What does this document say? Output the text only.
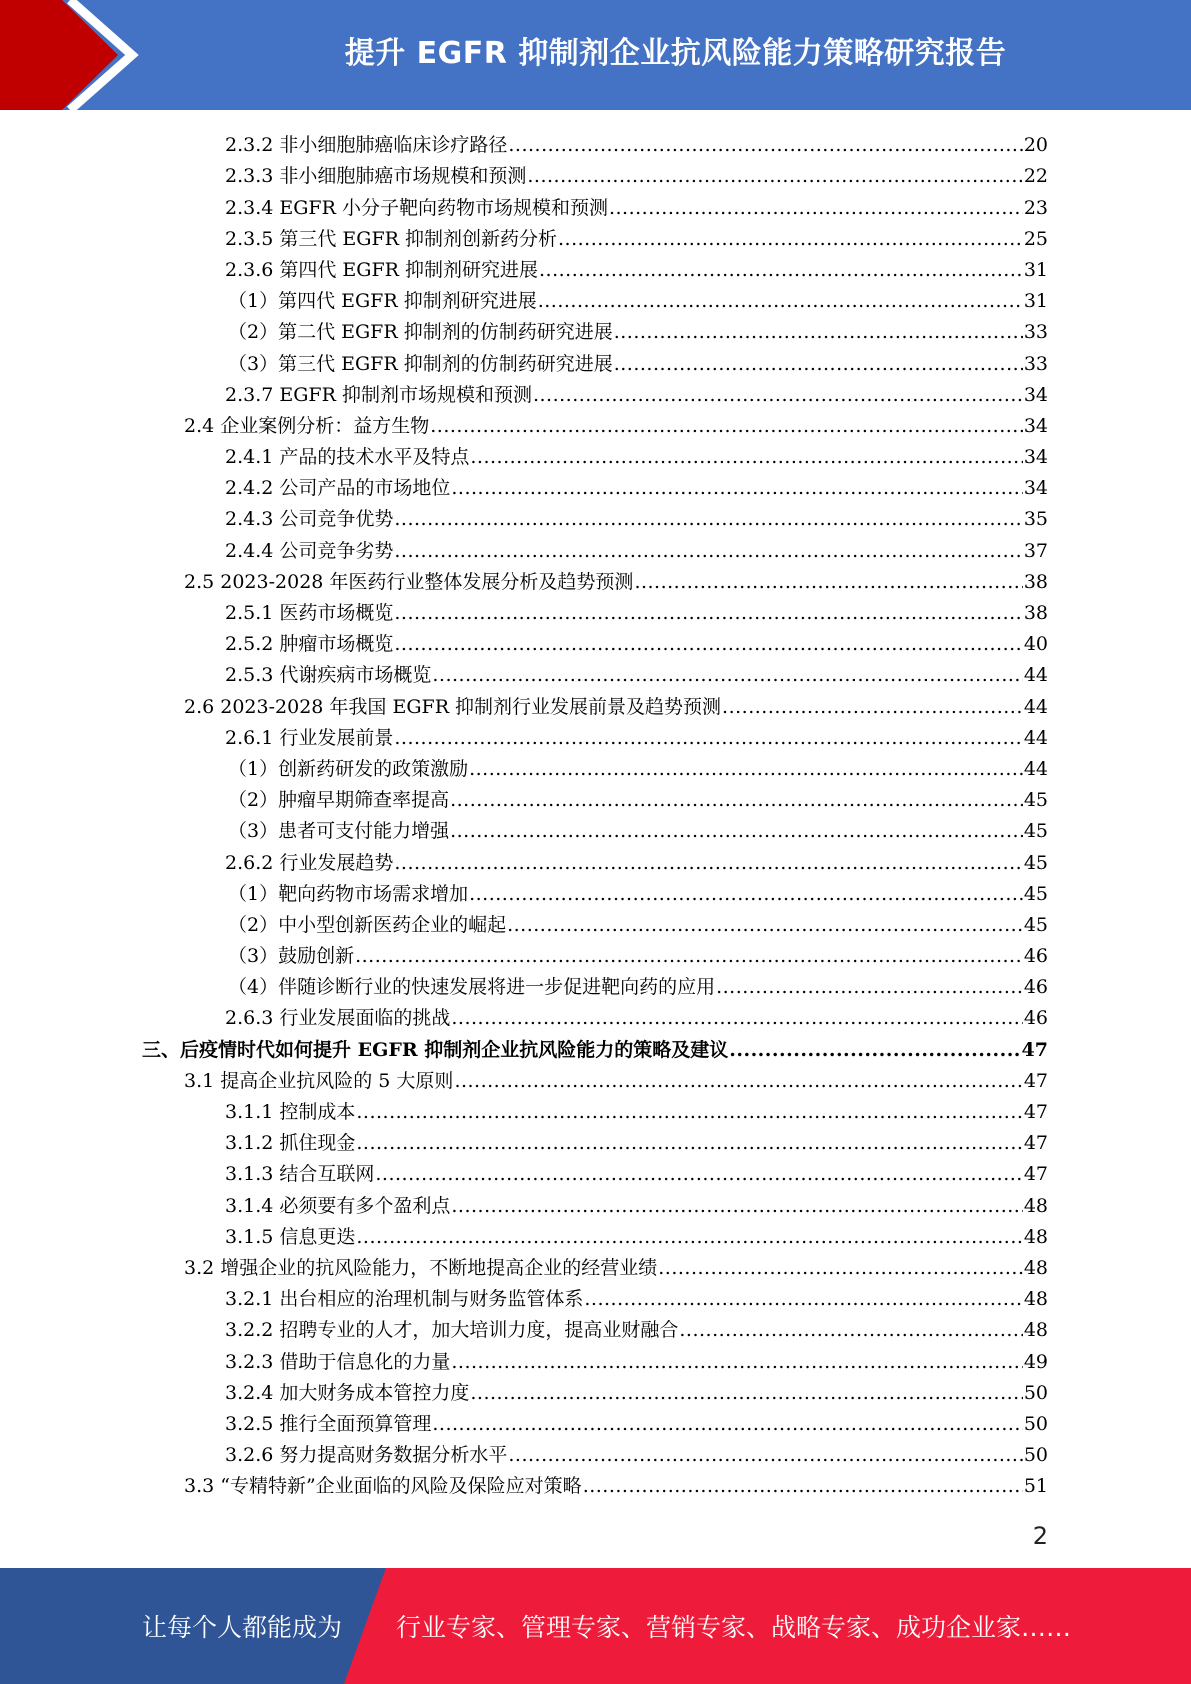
提升 EGFR 抑制剂企业抗风险能力策略研究报告
2.3.2 非小细胞肺癌临床诊疗路径 .....	20
2.3.3 非小细胞肺癌市场规模和预测 .....	22
2.3.4 EGFR 小分子靶向药物市场规模和预测 .....	23
2.3.5 第三代 EGFR 抑制剂创新药分析 .....	25
2.3.6 第四代 EGFR 抑制剂研究进展 .....	31
（1）第四代 EGFR 抑制剂研究进展 .....	31
（2）第二代 EGFR 抑制剂的仿制药研究进展 .....	33
（3）第三代 EGFR 抑制剂的仿制药研究进展 .....	33
2.3.7 EGFR 抑制剂市场规模和预测 .....	34
2.4 企业案例分析：益方生物 .....	34
2.4.1 产品的技术水平及特点 .....	34
2.4.2 公司产品的市场地位 .....	34
2.4.3 公司竞争优势 .....	35
2.4.4 公司竞争劣势 .....	37
2.5 2023-2028 年医药行业整体发展分析及趋势预测 .....	38
2.5.1 医药市场概览 .....	38
2.5.2 肿瘤市场概览 .....	40
2.5.3 代谢疾病市场概览 .....	44
2.6 2023-2028 年我国 EGFR 抑制剂行业发展前景及趋势预测 .....	44
2.6.1 行业发展前景 .....	44
（1）创新药研发的政策激励 .....	44
（2）肿瘤早期筛查率提高 .....	45
（3）患者可支付能力增强 .....	45
2.6.2 行业发展趋势 .....	45
（1）靶向药物市场需求增加 .....	45
（2）中小型创新医药企业的崛起 .....	45
（3）鼓励创新 .....	46
（4）伴随诊断行业的快速发展将进一步促进靶向药的应用 .....	46
2.6.3 行业发展面临的挑战 .....	46
三、后疫情时代如何提升 EGFR 抑制剂企业抗风险能力的策略及建议 .....	47
3.1 提高企业抗风险的 5 大原则 .....	47
3.1.1 控制成本 .....	47
3.1.2 抓住现金 .....	47
3.1.3 结合互联网 .....	47
3.1.4 必须要有多个盈利点 .....	48
3.1.5 信息更迭 .....	48
3.2 增强企业的抗风险能力，不断地提高企业的经营业绩 .....	48
3.2.1 出台相应的治理机制与财务监管体系 .....	48
3.2.2 招聘专业的人才，加大培训力度，提高业财融合 .....	48
3.2.3 借助于信息化的力量 .....	49
3.2.4 加大财务成本管控力度 .....	50
3.2.5 推行全面预算管理 .....	50
3.2.6 努力提高财务数据分析水平 .....	50
3.3 “专精特新”企业面临的风险及保险应对策略 .....	51
2
让每个人都能成为 行业专家、管理专家、营销专家、战略专家、成功企业家……
